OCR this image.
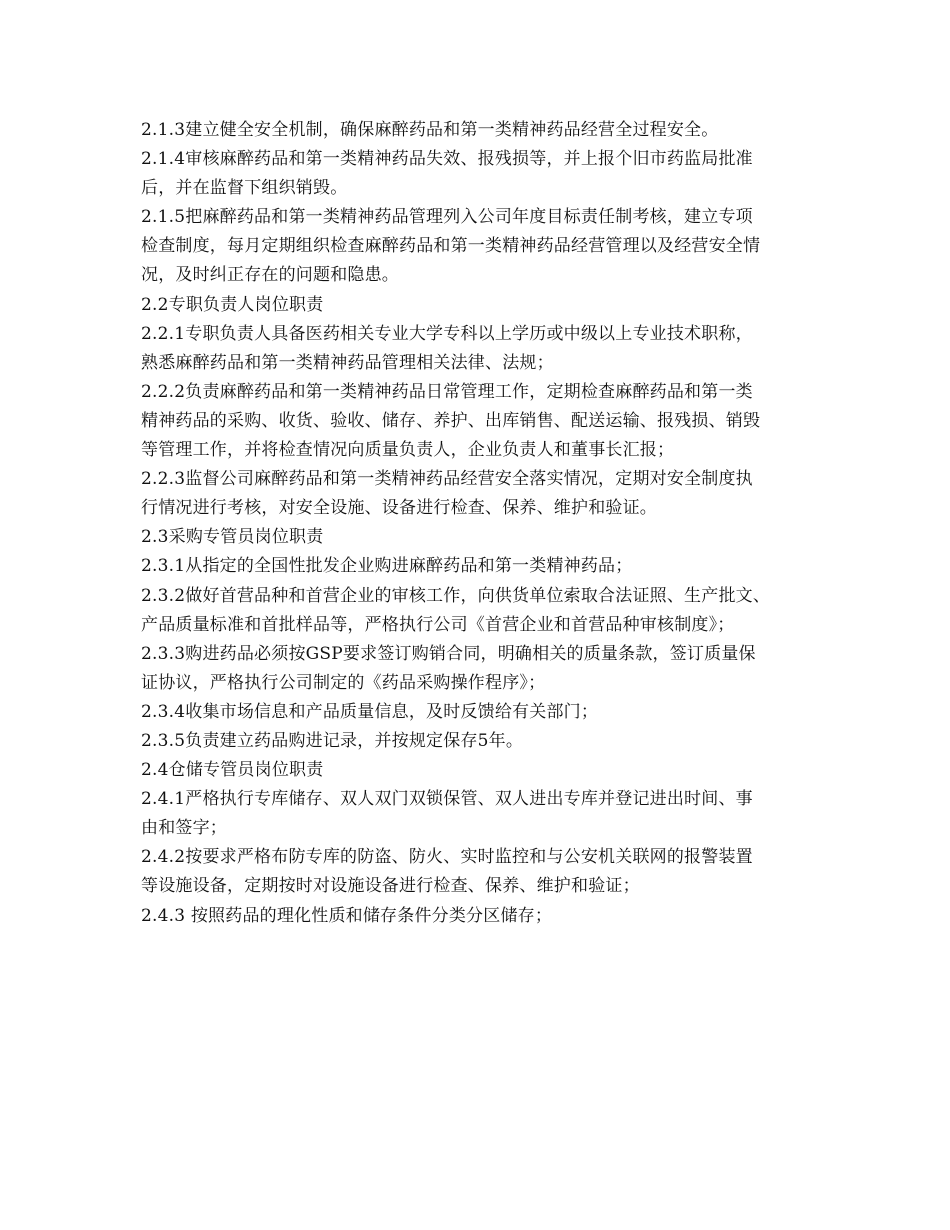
2.1.3建立健全安全机制，确保麻醉药品和第一类精神药品经营全过程安全。
2.1.4审核麻醉药品和第一类精神药品失效、报残损等，并上报个旧市药监局批准
后，并在监督下组织销毁。
2.1.5把麻醉药品和第一类精神药品管理列入公司年度目标责任制考核，建立专项
检查制度，每月定期组织检查麻醉药品和第一类精神药品经营管理以及经营安全情
况，及时纠正存在的问题和隐患。
2.2专职负责人岗位职责
2.2.1专职负责人具备医药相关专业大学专科以上学历或中级以上专业技术职称，
熟悉麻醉药品和第一类精神药品管理相关法律、法规；
2.2.2负责麻醉药品和第一类精神药品日常管理工作，定期检查麻醉药品和第一类
精神药品的采购、收货、验收、储存、养护、出库销售、配送运输、报残损、销毁
等管理工作，并将检查情况向质量负责人，企业负责人和董事长汇报；
2.2.3监督公司麻醉药品和第一类精神药品经营安全落实情况，定期对安全制度执
行情况进行考核，对安全设施、设备进行检查、保养、维护和验证。
2.3采购专管员岗位职责
2.3.1从指定的全国性批发企业购进麻醉药品和第一类精神药品；
2.3.2做好首营品种和首营企业的审核工作，向供货单位索取合法证照、生产批文、
产品质量标准和首批样品等，严格执行公司《首营企业和首营品种审核制度》；
2.3.3购进药品必须按GSP要求签订购销合同，明确相关的质量条款，签订质量保
证协议，严格执行公司制定的《药品采购操作程序》；
2.3.4收集市场信息和产品质量信息，及时反馈给有关部门；
2.3.5负责建立药品购进记录，并按规定保存5年。
2.4仓储专管员岗位职责
2.4.1严格执行专库储存、双人双门双锁保管、双人进出专库并登记进出时间、事
由和签字；
2.4.2按要求严格布防专库的防盗、防火、实时监控和与公安机关联网的报警装置
等设施设备，定期按时对设施设备进行检查、保养、维护和验证；
2.4.3 按照药品的理化性质和储存条件分类分区储存；
